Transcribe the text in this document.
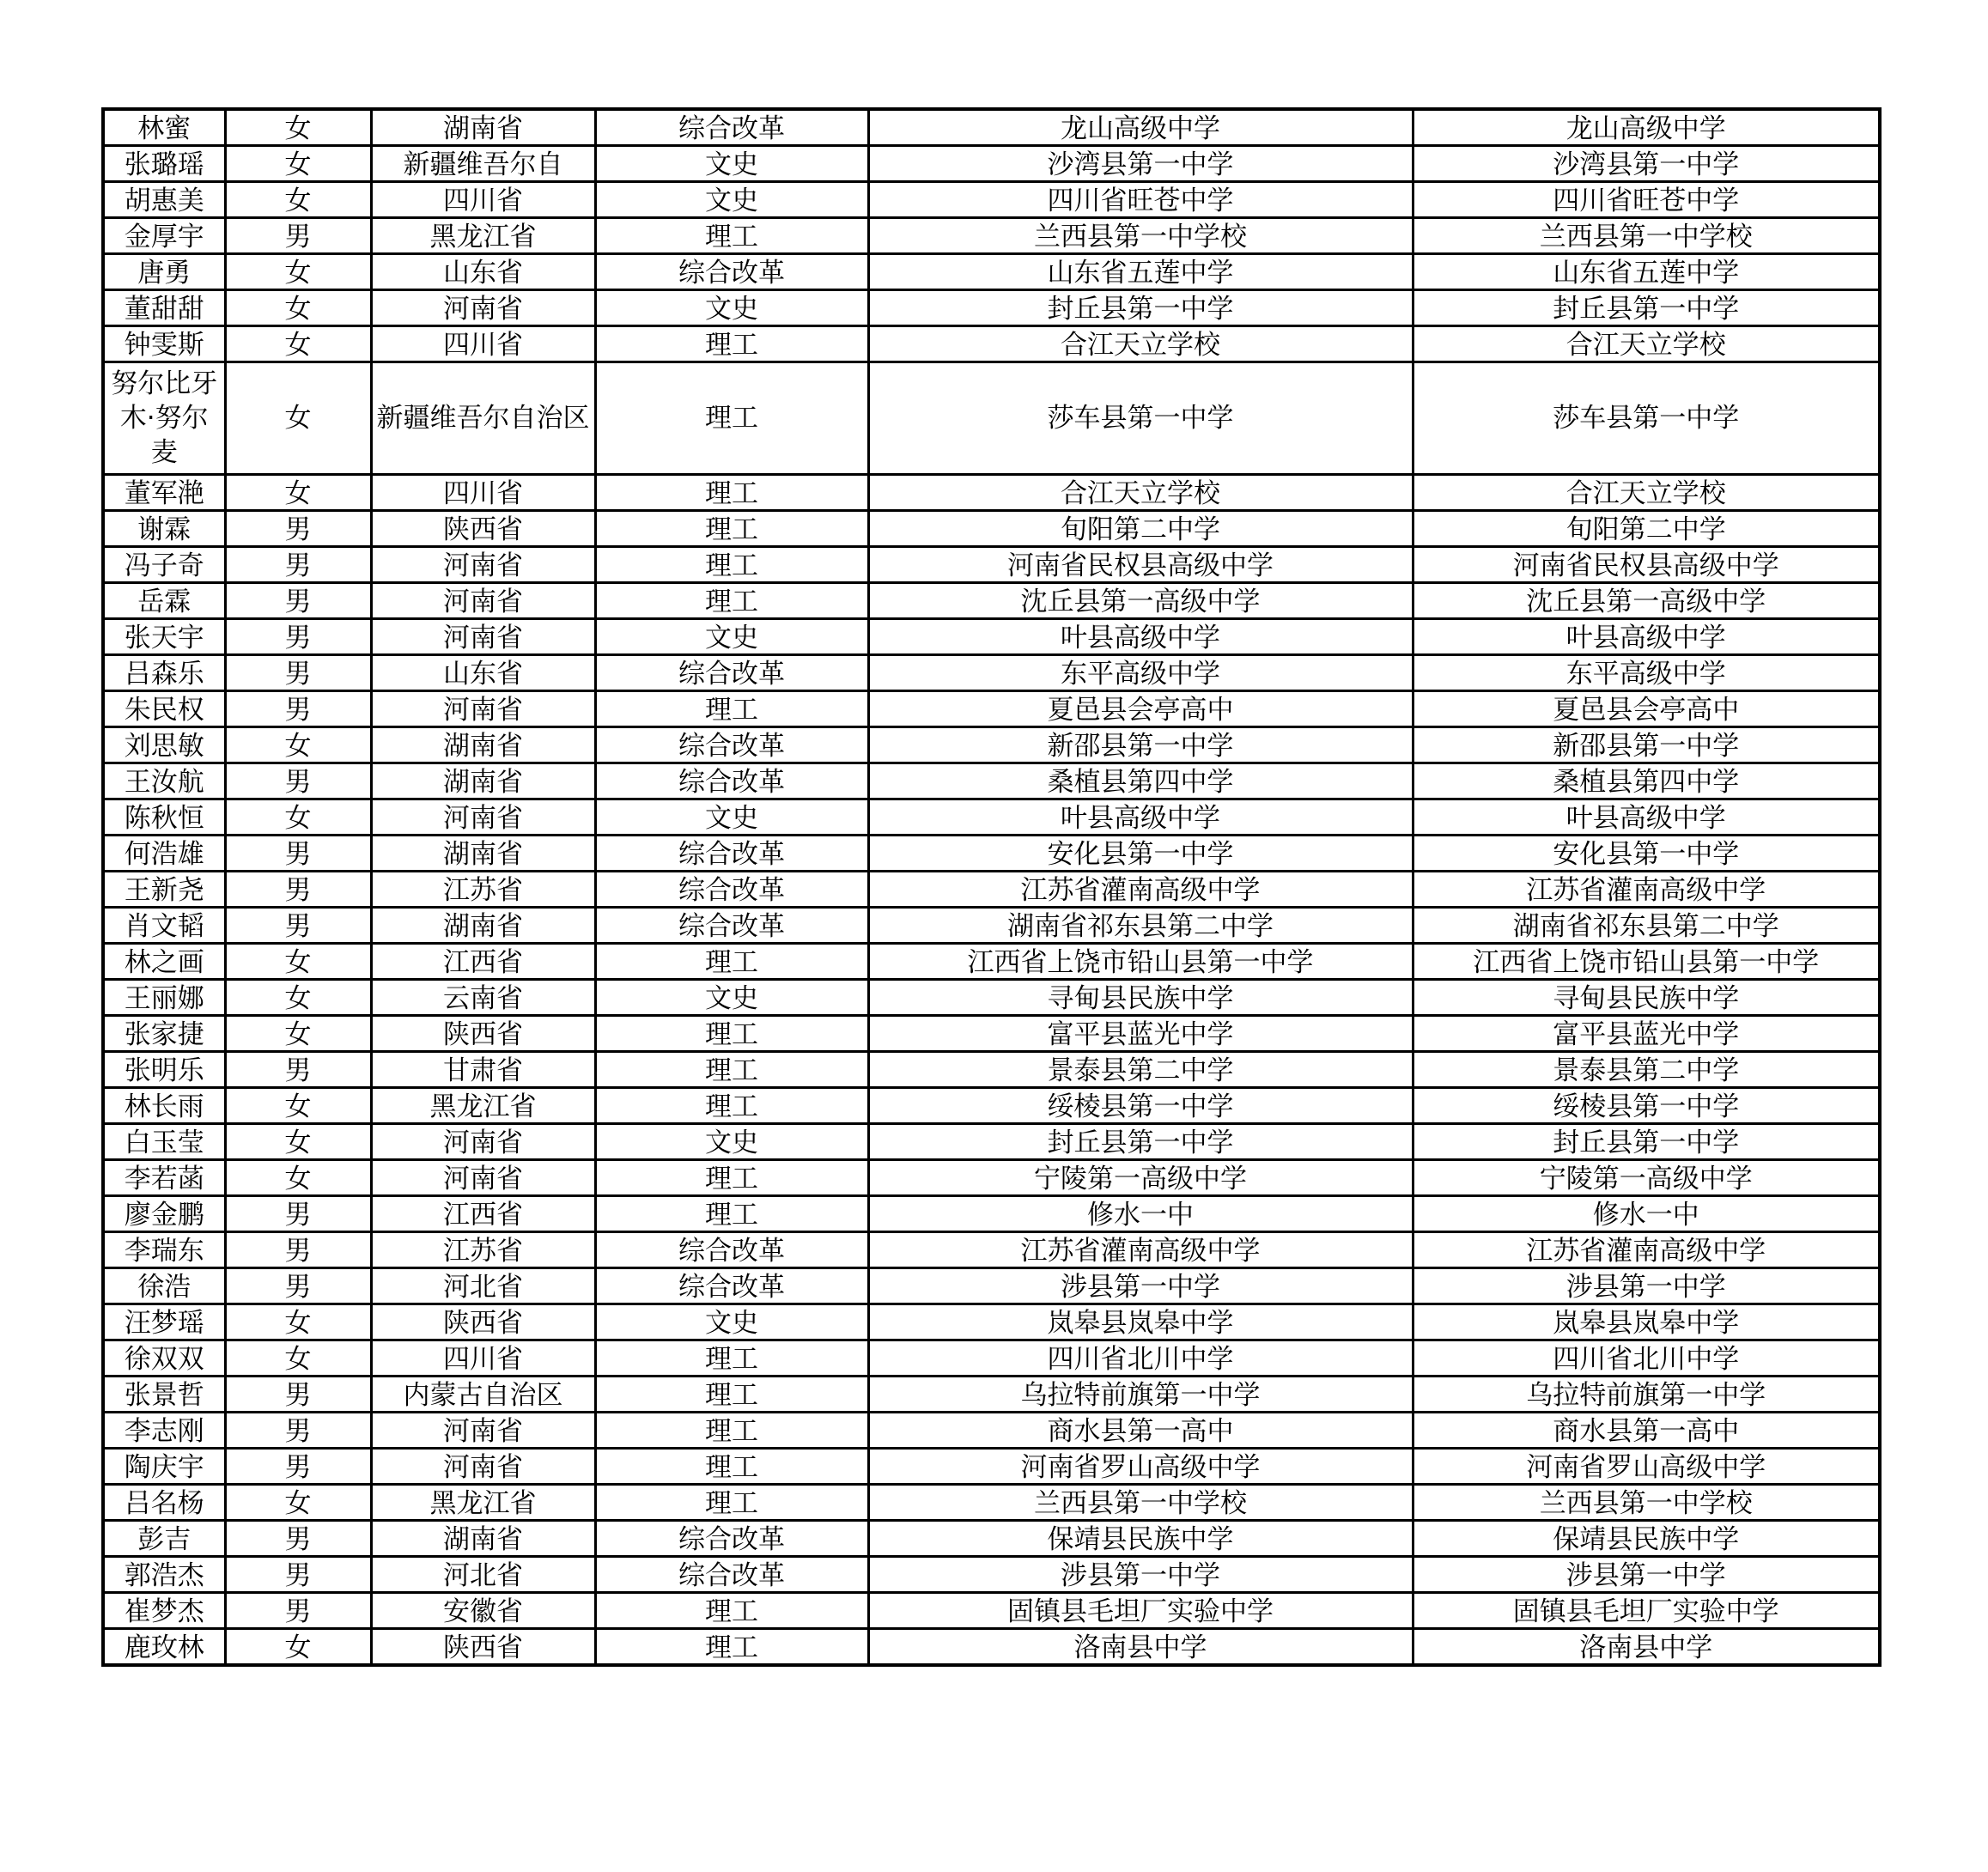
林蜜	女	湖南省	综合改革	龙山高级中学	龙山高级中学
张璐瑶	女	新疆维吾尔自	文史	沙湾县第一中学	沙湾县第一中学
胡惠美	女	四川省	文史	四川省旺苍中学	四川省旺苍中学
金厚宇	男	黑龙江省	理工	兰西县第一中学校	兰西县第一中学校
唐勇	女	山东省	综合改革	山东省五莲中学	山东省五莲中学
董甜甜	女	河南省	文史	封丘县第一中学	封丘县第一中学
钟雯斯	女	四川省	理工	合江天立学校	合江天立学校
努尔比牙木·努尔麦	女	新疆维吾尔自治区	理工	莎车县第一中学	莎车县第一中学
董军滟	女	四川省	理工	合江天立学校	合江天立学校
谢霖	男	陕西省	理工	旬阳第二中学	旬阳第二中学
冯子奇	男	河南省	理工	河南省民权县高级中学	河南省民权县高级中学
岳霖	男	河南省	理工	沈丘县第一高级中学	沈丘县第一高级中学
张天宇	男	河南省	文史	叶县高级中学	叶县高级中学
吕森乐	男	山东省	综合改革	东平高级中学	东平高级中学
朱民权	男	河南省	理工	夏邑县会亭高中	夏邑县会亭高中
刘思敏	女	湖南省	综合改革	新邵县第一中学	新邵县第一中学
王汝航	男	湖南省	综合改革	桑植县第四中学	桑植县第四中学
陈秋恒	女	河南省	文史	叶县高级中学	叶县高级中学
何浩雄	男	湖南省	综合改革	安化县第一中学	安化县第一中学
王新尧	男	江苏省	综合改革	江苏省灌南高级中学	江苏省灌南高级中学
肖文韬	男	湖南省	综合改革	湖南省祁东县第二中学	湖南省祁东县第二中学
林之画	女	江西省	理工	江西省上饶市铅山县第一中学	江西省上饶市铅山县第一中学
王丽娜	女	云南省	文史	寻甸县民族中学	寻甸县民族中学
张家捷	女	陕西省	理工	富平县蓝光中学	富平县蓝光中学
张明乐	男	甘肃省	理工	景泰县第二中学	景泰县第二中学
林长雨	女	黑龙江省	理工	绥棱县第一中学	绥棱县第一中学
白玉莹	女	河南省	文史	封丘县第一中学	封丘县第一中学
李若菡	女	河南省	理工	宁陵第一高级中学	宁陵第一高级中学
廖金鹏	男	江西省	理工	修水一中	修水一中
李瑞东	男	江苏省	综合改革	江苏省灌南高级中学	江苏省灌南高级中学
徐浩	男	河北省	综合改革	涉县第一中学	涉县第一中学
汪梦瑶	女	陕西省	文史	岚皋县岚皋中学	岚皋县岚皋中学
徐双双	女	四川省	理工	四川省北川中学	四川省北川中学
张景哲	男	内蒙古自治区	理工	乌拉特前旗第一中学	乌拉特前旗第一中学
李志刚	男	河南省	理工	商水县第一高中	商水县第一高中
陶庆宇	男	河南省	理工	河南省罗山高级中学	河南省罗山高级中学
吕名杨	女	黑龙江省	理工	兰西县第一中学校	兰西县第一中学校
彭吉	男	湖南省	综合改革	保靖县民族中学	保靖县民族中学
郭浩杰	男	河北省	综合改革	涉县第一中学	涉县第一中学
崔梦杰	男	安徽省	理工	固镇县毛坦厂实验中学	固镇县毛坦厂实验中学
鹿玫林	女	陕西省	理工	洛南县中学	洛南县中学
